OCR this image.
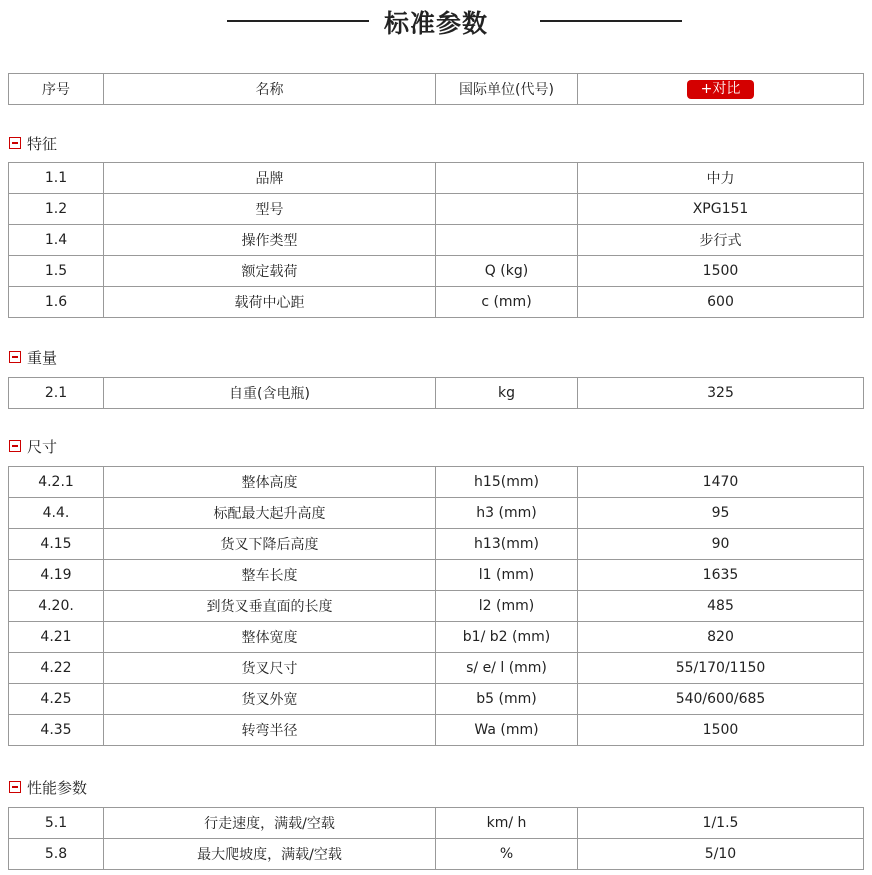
标准参数
序号	名称	国际单位(代号)	+对比
特征
1.1	品牌		中力
1.2	型号		XPG151
1.4	操作类型		步行式
1.5	额定载荷	Q (kg)	1500
1.6	载荷中心距	c (mm)	600
重量
2.1	自重(含电瓶)	kg	325
尺寸
4.2.1	整体高度	h15(mm)	1470
4.4.	标配最大起升高度	h3 (mm)	95
4.15	货叉下降后高度	h13(mm)	90
4.19	整车长度	l1 (mm)	1635
4.20.	到货叉垂直面的长度	l2 (mm)	485
4.21	整体宽度	b1/ b2 (mm)	820
4.22	货叉尺寸	s/ e/ l (mm)	55/170/1150
4.25	货叉外宽	b5 (mm)	540/600/685
4.35	转弯半径	Wa (mm)	1500
性能参数
5.1	行走速度，满载/空载	km/ h	1/1.5
5.8	最大爬坡度，满载/空载	%	5/10
